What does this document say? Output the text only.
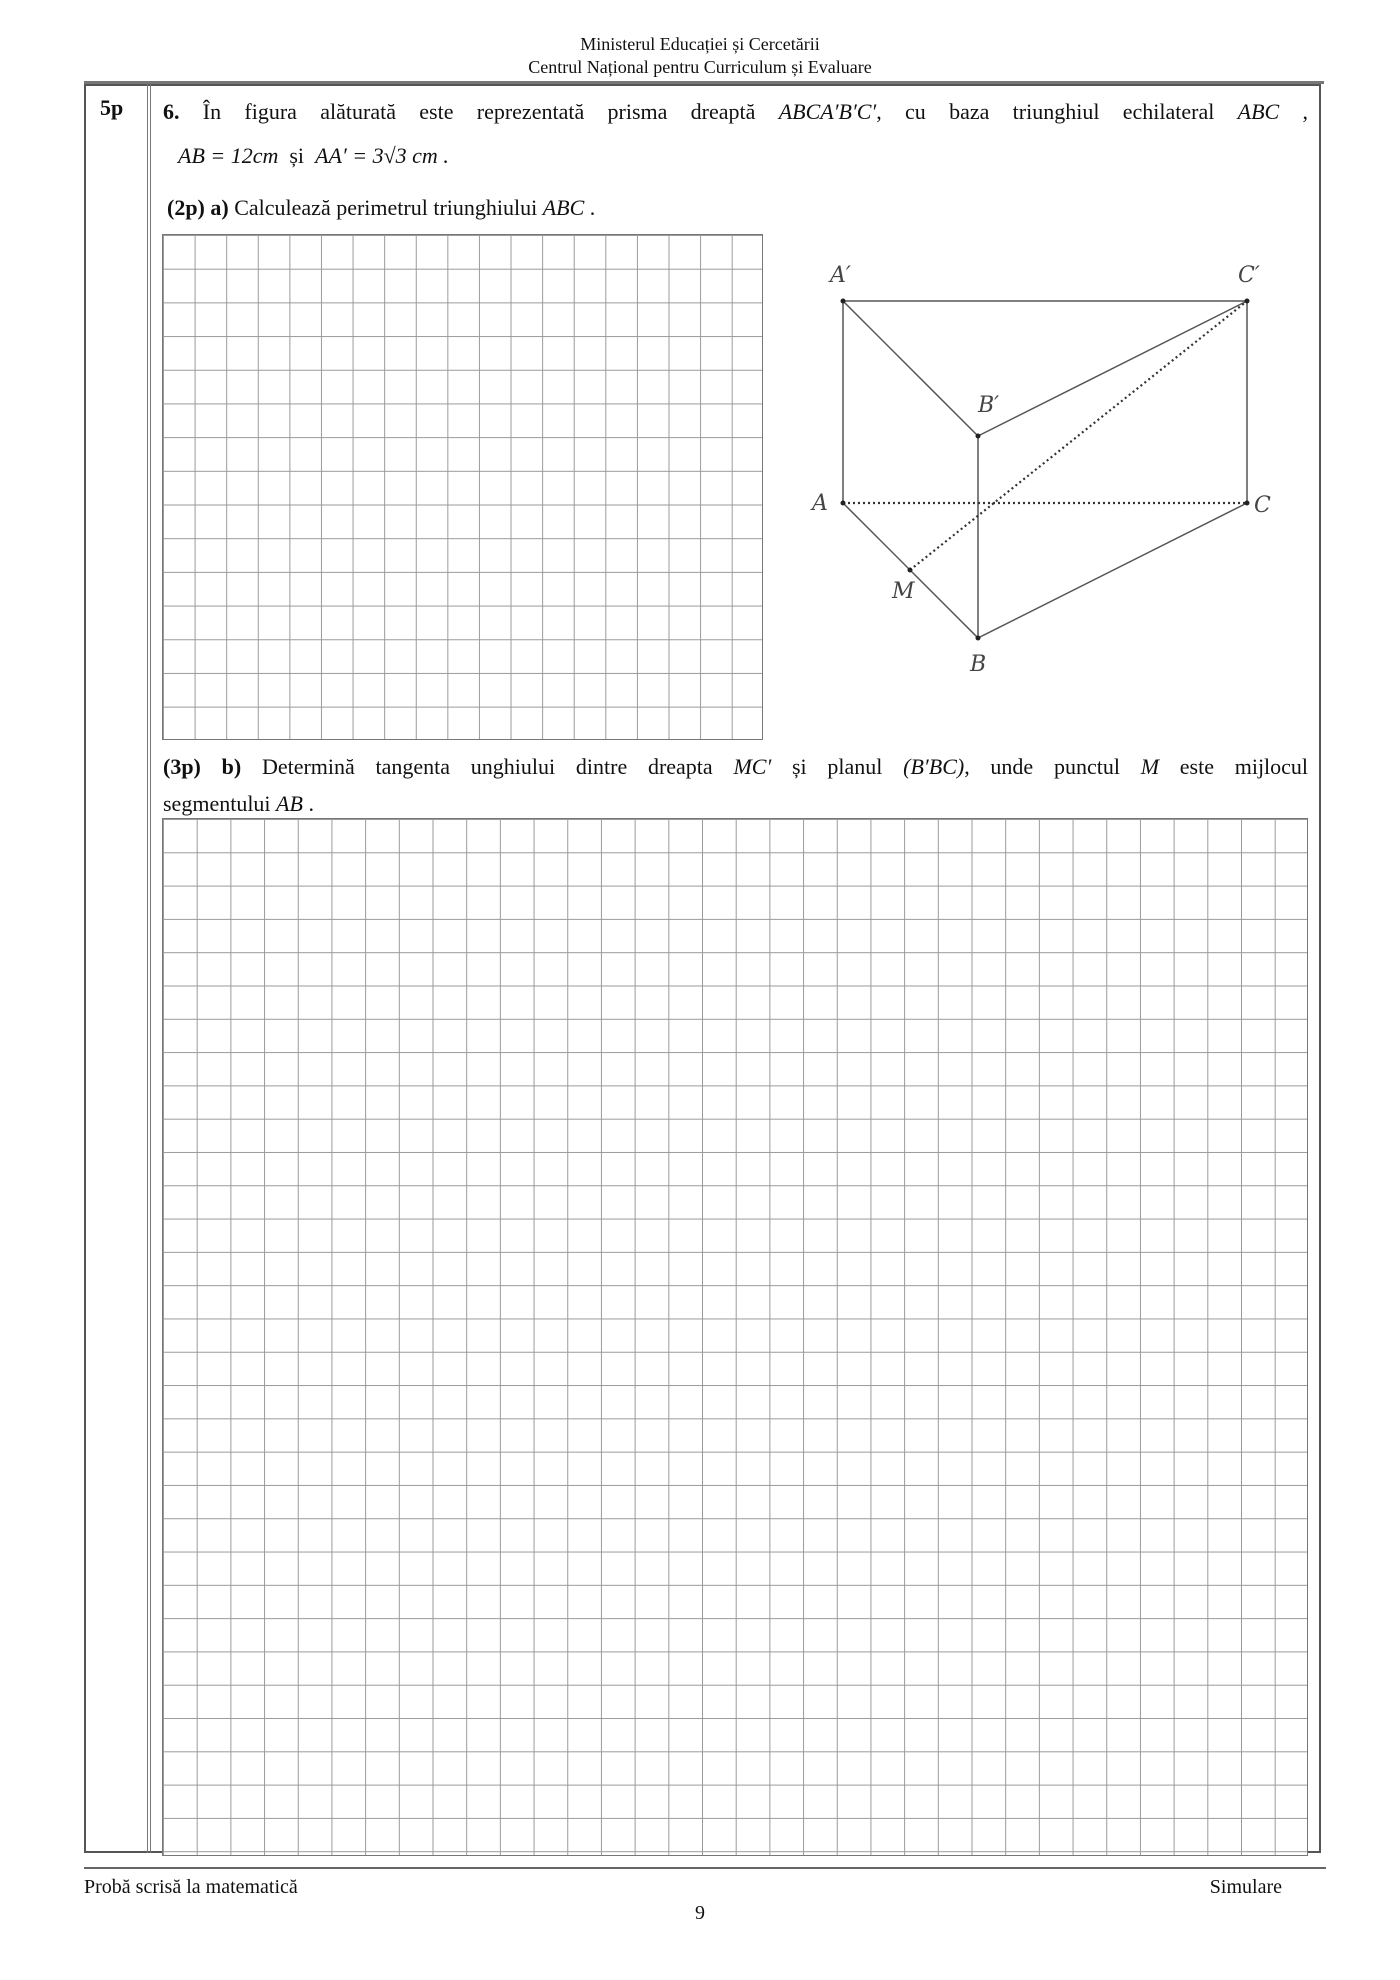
Ministerul Educației și Cercetării
Centrul Național pentru Curriculum și Evaluare
5p 6. În figura alăturată este reprezentată prisma dreaptă ABCA′B′C′, cu baza triunghiul echilateral ABC ,
AB = 12cm și AA′ = 3√3 cm .
(2p) a) Calculează perimetrul triunghiului ABC .
A′	C′
B′
A	C
M
B
(3p) b) Determină tangenta unghiului dintre dreapta MC′ și planul (B′BC), unde punctul M este mijlocul
segmentului AB .
Probă scrisă la matematică	Simulare
9
